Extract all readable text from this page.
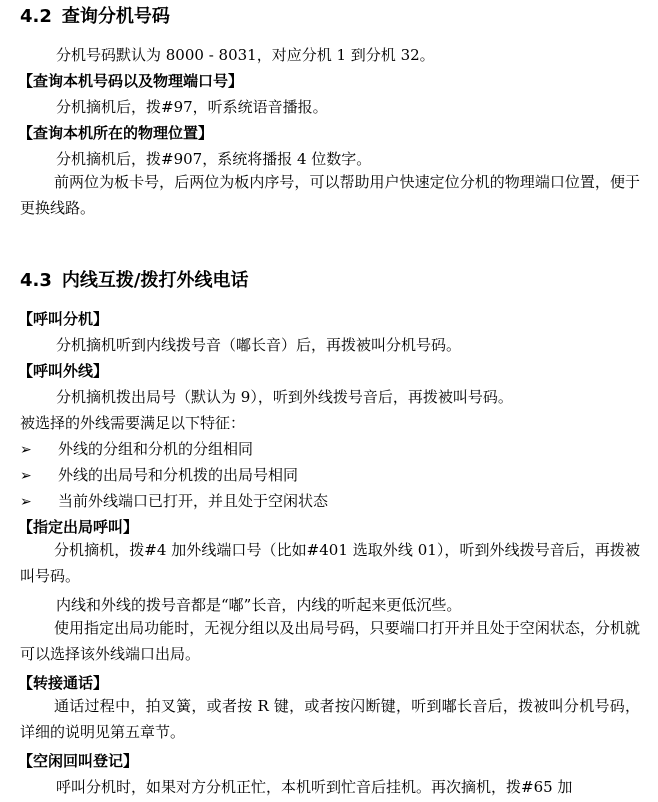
4.2 查询分机号码
分机号码默认为 8000 - 8031，对应分机 1 到分机 32。
【查询本机号码以及物理端口号】
分机摘机后，拨#97，听系统语音播报。
【查询本机所在的物理位置】
分机摘机后，拨#907，系统将播报 4 位数字。

前两位为板卡号，后两位为板内序号，可以帮助用户快速定位分机的物理端口位置，便于更换线路。

4.3 内线互拨/拨打外线电话
【呼叫分机】
分机摘机听到内线拨号音（嘟长音）后，再拨被叫分机号码。
【呼叫外线】
分机摘机拨出局号（默认为 9），听到外线拨号音后，再拨被叫号码。
被选择的外线需要满足以下特征：
➢ 外线的分组和分机的分组相同
➢ 外线的出局号和分机拨的出局号相同
➢ 当前外线端口已打开，并且处于空闲状态
【指定出局呼叫】

分机摘机，拨#4 加外线端口号（比如#401 选取外线 01），听到外线拨号音后，再拨被叫号码。

内线和外线的拨号音都是“嘟”长音，内线的听起来更低沉些。

使用指定出局功能时，无视分组以及出局号码，只要端口打开并且处于空闲状态，分机就可以选择该外线端口出局。

【转接通话】

通话过程中，拍叉簧，或者按 R 键，或者按闪断键，听到嘟长音后，拨被叫分机号码，详细的说明见第五章节。

【空闲回叫登记】
呼叫分机时，如果对方分机正忙，本机听到忙音后挂机。再次摘机，拨#65 加
